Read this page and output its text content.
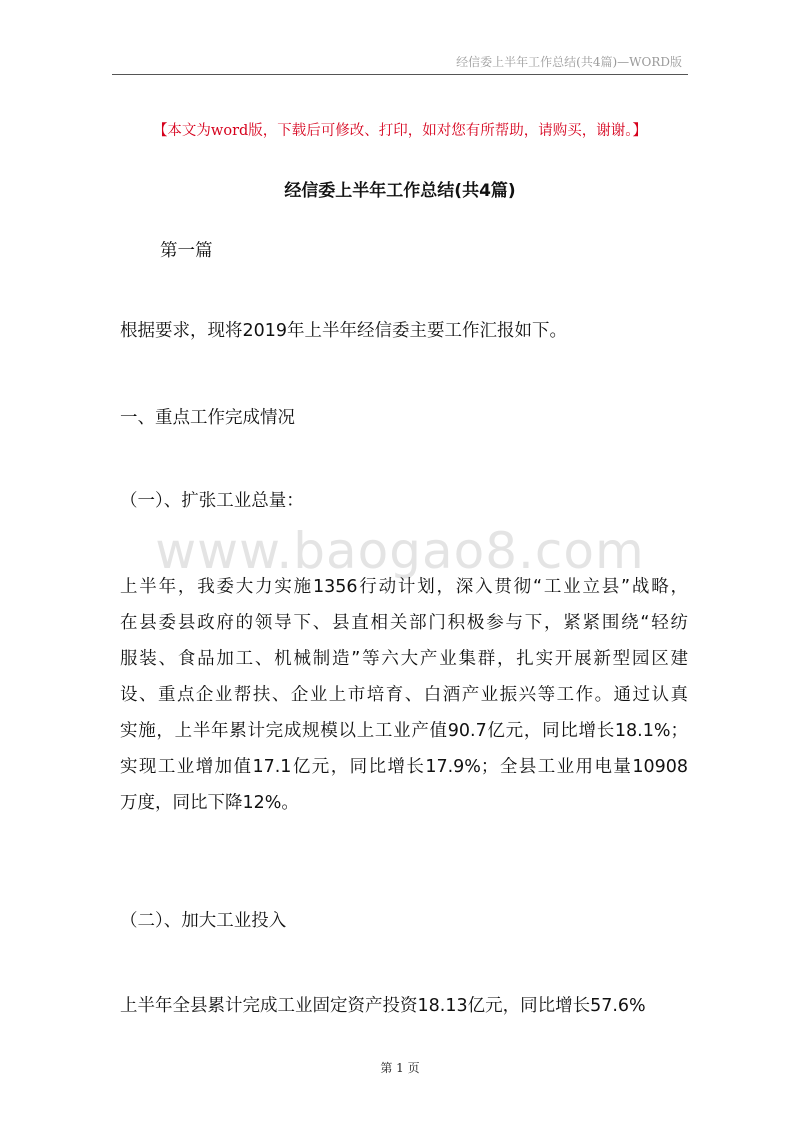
经信委上半年工作总结(共4篇)—WORD版
【本文为word版，下载后可修改、打印，如对您有所帮助，请购买，谢谢。】
经信委上半年工作总结(共4篇)
第一篇
根据要求，现将2019年上半年经信委主要工作汇报如下。
一、重点工作完成情况
（一）、扩张工业总量：
www.baogao8.com
上半年，我委大力实施1356行动计划，深入贯彻“工业立县”战略，
在县委县政府的领导下、县直相关部门积极参与下，紧紧围绕“轻纺
服装、食品加工、机械制造”等六大产业集群，扎实开展新型园区建
设、重点企业帮扶、企业上市培育、白酒产业振兴等工作。通过认真
实施，上半年累计完成规模以上工业产值90.7亿元，同比增长18.1%；
实现工业增加值17.1亿元，同比增长17.9%；全县工业用电量10908
万度，同比下降12%。
（二）、加大工业投入
上半年全县累计完成工业固定资产投资18.13亿元，同比增长57.6%
第 1 页
